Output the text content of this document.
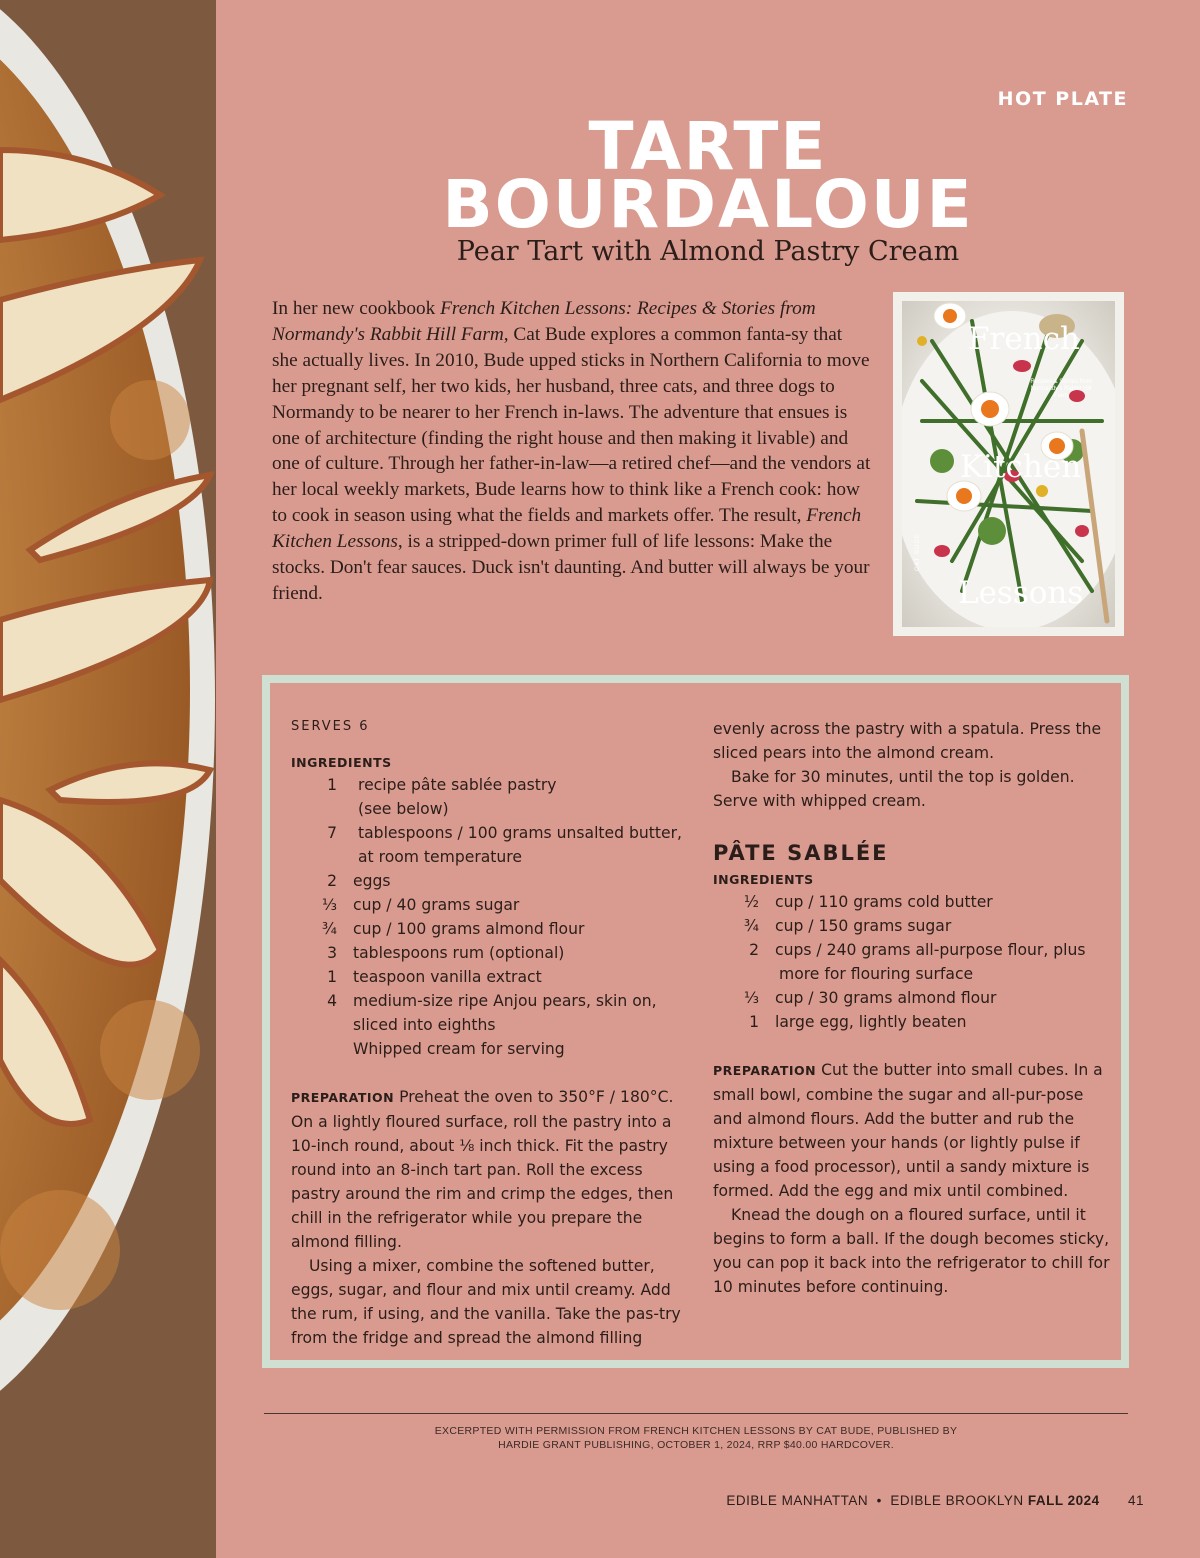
HOT PLATE
TARTE
BOURDALOUE
Pear Tart with Almond Pastry Cream
In her new cookbook French Kitchen Lessons: Recipes & Stories from Normandy's Rabbit Hill Farm, Cat Bude explores a common fanta-sy that she actually lives. In 2010, Bude upped sticks in Northern California to move her pregnant self, her two kids, her husband, three cats, and three dogs to Normandy to be nearer to her French in-laws. The adventure that ensues is one of architecture (finding the right house and then making it livable) and one of culture. Through her father-in-law—a retired chef—and the vendors at her local weekly markets, Bude learns how to think like a French cook: how to cook in season using what the fields and markets offer. The result, French Kitchen Lessons, is a stripped-down primer full of life lessons: Make the stocks. Don't fear sauces. Duck isn't daunting. And butter will always be your friend.
French
Kitchen
Lessons
Recipes & Stories from Normandy's Rabbit Hill Farm
CAT BUDE
SERVES 6
INGREDIENTS
1 recipe pâte sablée pastry
(see below)
7 tablespoons / 100 grams unsalted butter,
at room temperature
2 eggs
⅓ cup / 40 grams sugar
¾ cup / 100 grams almond flour
3 tablespoons rum (optional)
1 teaspoon vanilla extract
4 medium-size ripe Anjou pears, skin on,
sliced into eighths
Whipped cream for serving

PREPARATION Preheat the oven to 350°F / 180°C. On a lightly floured surface, roll the pastry into a 10-inch round, about ⅛ inch thick. Fit the pastry round into an 8-inch tart pan. Roll the excess pastry around the rim and crimp the edges, then chill in the refrigerator while you prepare the almond filling.

Using a mixer, combine the softened butter, eggs, sugar, and flour and mix until creamy. Add the rum, if using, and the vanilla. Take the pas-try from the fridge and spread the almond filling

evenly across the pastry with a spatula. Press the sliced pears into the almond cream.

Bake for 30 minutes, until the top is golden. Serve with whipped cream.

PÂTE SABLÉE
INGREDIENTS
½ cup / 110 grams cold butter
¾ cup / 150 grams sugar
2 cups / 240 grams all-purpose flour, plus
more for flouring surface
⅓ cup / 30 grams almond flour
1 large egg, lightly beaten

PREPARATION Cut the butter into small cubes. In a small bowl, combine the sugar and all-pur-pose and almond flours. Add the butter and rub the mixture between your hands (or lightly pulse if using a food processor), until a sandy mixture is formed. Add the egg and mix until combined.

Knead the dough on a floured surface, until it begins to form a ball. If the dough becomes sticky, you can pop it back into the refrigerator to chill for 10 minutes before continuing.

EXCERPTED WITH PERMISSION FROM FRENCH KITCHEN LESSONS BY CAT BUDE, PUBLISHED BY
HARDIE GRANT PUBLISHING, OCTOBER 1, 2024, RRP $40.00 HARDCOVER.
EDIBLE MANHATTAN  •  EDIBLE BROOKLYN FALL 2024 41
